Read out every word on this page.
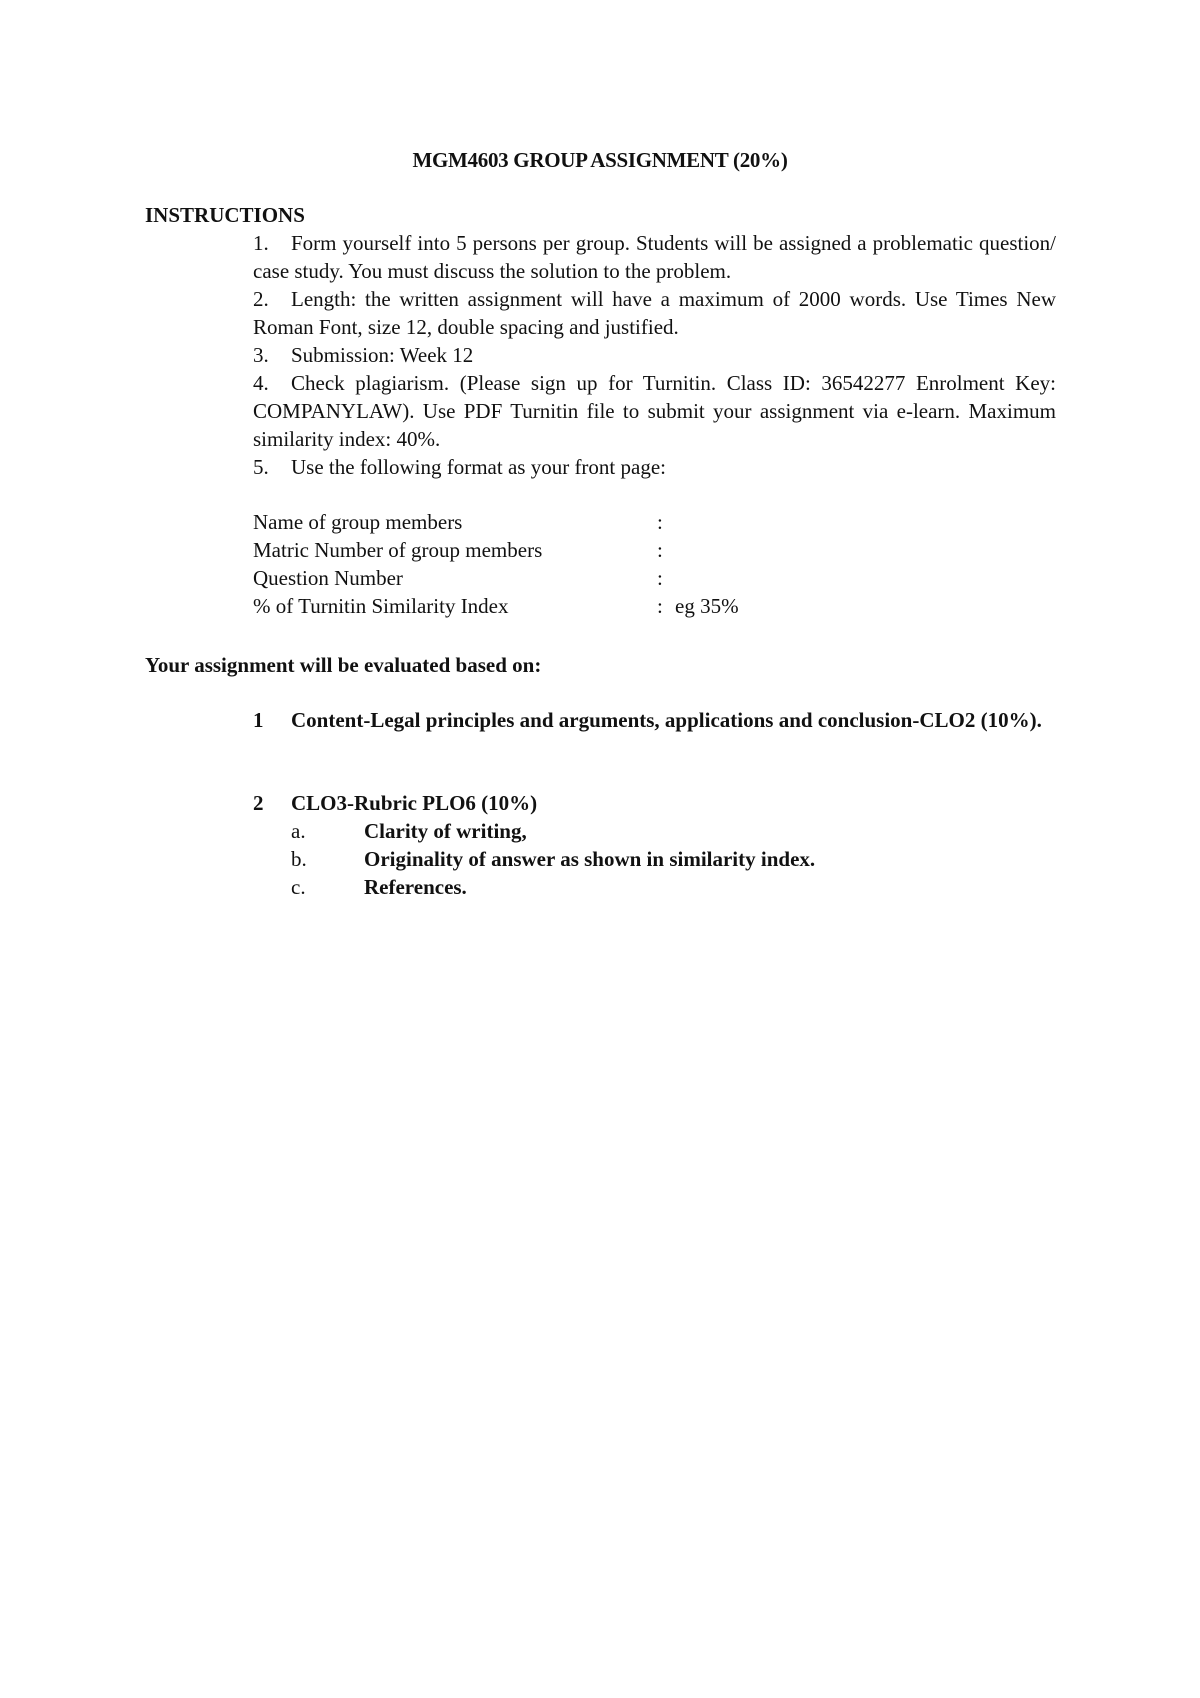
MGM4603 GROUP ASSIGNMENT (20%)
INSTRUCTIONS

1. Form yourself into 5 persons per group. Students will be assigned a problematic question/ case study. You must discuss the solution to the problem.

2. Length: the written assignment will have a maximum of 2000 words. Use Times New Roman Font, size 12, double spacing and justified.

3. Submission: Week 12

4. Check plagiarism. (Please sign up for Turnitin. Class ID: 36542277 Enrolment Key: COMPANYLAW). Use PDF Turnitin file to submit your assignment via e-learn. Maximum similarity index: 40%.

5. Use the following format as your front page:

Name of group members	:
Matric Number of group members	:
Question Number	:
% of Turnitin Similarity Index	: eg 35%
Your assignment will be evaluated based on:
1	Content-Legal principles and arguments, applications and conclusion-CLO2 (10%).
2	CLO3-Rubric PLO6 (10%)
a.	Clarity of writing,
b.	Originality of answer as shown in similarity index.
c.	References.
